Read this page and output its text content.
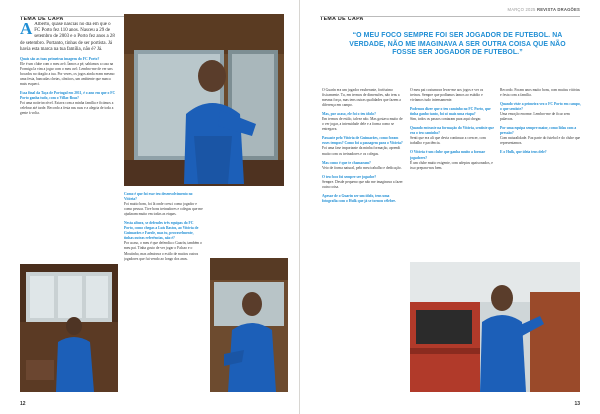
TEMA DE CAPA

A Alberto, quase nascias no dia em que o FC Porto fez 110 anos. Nasceu a 29 de setembro de 2003 e o Porto fez anos a 28 de setembro. Portanto, tinhas de ser portista. Já havia esta marca na tua família, não é? Já.

Quais são as tuas primeiras imagens do FC Porto?
Ele é um clube com o meu avô. Íamos a pé, sabíamos a casa na Formiga la vim a jogar com o meu avô. Lembro-me de ver uns bocados no dragão a tua. Por vezes, os jogos ainda eram mesmo uma festa, bancadas cheias, cânticos, um ambiente que nunca mais esqueci.

Essa final da Taça de Portugal em 2011, é o ano em que o FC Porto ganha tudo, com o Villas-Boas?
Foi uma noite incrível. Estava com a minha família e ficámos a celebrar até tarde. Recordo a festa nas ruas e a alegria de toda a gente à volta.

Como é que foi esse teu desenvolvimento no Vitória?
Foi muito bom, foi lá onde cresci como jogador e como pessoa. Tive bons treinadores e colegas que me ajudaram muito em todas as etapas.

Nesta altura, se defendes três equipas do FC Porto, como chegas a Luís Bastos, ao Vitória de Guimarães e Farole, mas tu, provavelmente, tinhas outras referências, não é?
Por acaso, o meu é que defendia o Guarín, também o meu pai. Tinha gosto de ver jogar o Falcao e o Moutinho, mas admirava o estilo de muitos outros jogadores que fui vendo ao longo dos anos.

12
TEMA DE CAPA
MARÇO 2025 REVISTA DRAGÕES
“O MEU FOCO SEMPRE FOI SER JOGADOR DE FUTEBOL. NA VERDADE, NÃO ME IMAGINAVA A SER OUTRA COISA QUE NÃO FOSSE SER JOGADOR DE FUTEBOL.”

O Guarín era um jogador exuberante, fortíssimo fisicamente. Tu, em termos de dimensões, não tens a mesma força, mas tens outras qualidades que fazem a diferença em campo.

Mas, por acaso, ele foi o teu ídolo?
Em termos de estilo, talvez não. Mas gostava muito de o ver jogar, a intensidade dele e a forma como se entregava.

Passaste pelo Vitória de Guimarães, como foram esses tempos? Como foi a passagem para o Vitória?
Foi uma fase importante da minha formação, aprendi muito com os treinadores e os colegas.

Mas como é que te chamaram?
Veio de forma natural, pelo meu trabalho e dedicação.

O teu foco foi sempre ser jogador?
Sempre. Desde pequeno que não me imaginava a fazer outra coisa.

Apesar de o Guarín ser um ídolo, tens uma fotografia com o Hulk que já se tornou célebre.

O meu pai costumava levar-me aos jogos e ver os treinos. Sempre que podíamos íamos ao estádio e vivíamos tudo intensamente.

Podemos dizer que o teu caminho no FC Porto, que tinha ganho tanto, foi só mais uma etapa?
Sim, todos os passos contaram para aqui chegar.

Quando entraste na formação do Vitória, sentiste que era o teu caminho?
Senti que era ali que devia continuar a crescer, com trabalho e paciência.

O Vitória é um clube que ganha muito a formar jogadores?
É um clube muito exigente, com adeptos apaixonados, e isso prepara-nos bem.

Recordo. Foram anos muito bons, com muitas vitórias e festa com a família.

Quando viste a primeira vez o FC Porto em campo, o que sentiste?
Uma emoção enorme. Lembro-me de ficar sem palavras.

Por uma equipa sempre maior, como lidas com a pressão?
Com naturalidade. Faz parte do futebol e do clube que representamos.

E o Hulk, que ideia tens dele?

13
